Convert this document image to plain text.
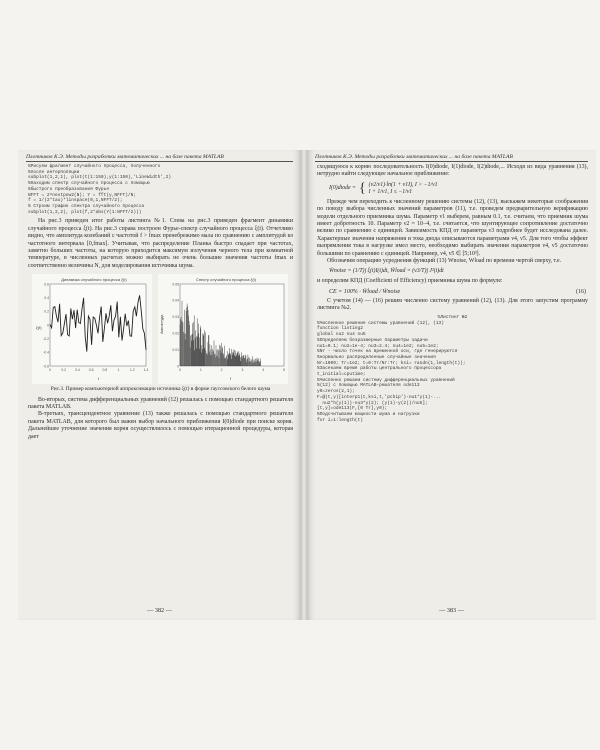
Плотников К.Э. Методы разработки математических ... на базе пакета MATLAB
%Рисуем фрагмент случайного процесса, полученного
%после интерполяции
subplot(1,2,1), plot(t(1:150),y(1:150),'LineWidth',2)
%Находим спектр случайного процесса с помощью
%быстрого преобразования Фурье
NFFT = 2^nextpow2(N); Y = fft(y,NFFT)/N;
f = 1/(2*tau)*linspace(0,1,NFFT/2);
% Строим график спектра случайного процесса
subplot(1,2,2), plot(f,2*abs(Y(1:NFFT/2)))

На рис.3 приведен итог работы листинга №1. Слева на рис.3 приведен фрагмент динамики случайного процесса ξ(t). На рис.3 справа построен Фурье-спектр случайного процесса ξ(t). Отчетливо видно, что амплитуда колебаний с частотой f > fmax пренебрежимо мала по сравнению с амплитудой из частотного интервала [0,fmax]. Учитывая, что распределение Планка быстро спадает при частотах, заметно больших частоты, на которую приходится максимум излучения черного тела при комнатной температуре, в численных расчетах можно выбирать не очень большие значения частоты fmax и соответственно величины N, для моделирования источника шума.

Динамика случайного процесса ξ(t)
0.6
0.4
0.2
0
-0.2
-0.4
-0.6
0	0.2	0.4	0.6	0.8	1	1.2	1.4
ξ(t)
t
Спектр случайного процесса ξ(t)
0.05
0.04
0.03
0.02
0.01
0
0	1	2	3	4	5
Амплитуда
f
Рис.3. Пример компьютерной аппроксимации источника ξ(t) в форме гауссовского белого шума

Во-вторых, система дифференциальных уравнений (12) решалась с помощью стандартного решателя пакета MATLAB.

В-третьих, трансцендентное уравнение (13) также решалась с помощью стандартного решателя пакета MATLAB, для которого был важен выбор начального приближения I(0)diode при поиске корня. Дальнейшее уточнение значения корня осуществлялось с помощью итерационной процедуры, которая дает

— 382 —
Плотников К.Э. Методы разработки математических ... на базе пакета MATLAB

сходящуюся к корню последовательность I(0)diode, I(1)diode, I(2)diode,... Исходя из вида уравнения (13), нетрудно найти следующее начальное приближение:

I(0)diode = { (ν2/ν1)·ln(1 + ν1I), I > −1/ν1
I + 1/ν1, I ≤ −1/ν1

Прежде чем переходить к численному решению системы (12), (13), выскажем некоторые соображения по поводу выбора численных значений параметров (11), т.е. проведем предварительную верификацию модели отдельного приемника шума. Параметр ν1 выберем, равным 0.1, т.е. считаем, что приемник шума имеет добротность 10. Параметр ν2 = 10−4, т.е. считается, что шунтирующее сопротивление достаточно велико по сравнению с единицей. Зависимость КПД от параметра ν3 подробнее будет исследована далее. Характерные значения напряжения и тока диода описываются параметрами ν4, ν5. Для того чтобы эффект выпрямления тока в нагрузке имел место, необходимо выбирать значения параметров ν4, ν5 достаточно большими по сравнению с единицей. Например, ν4, ν5 ∈ [5;10³].

Обозначим операцию усреднения функций (13) Wnoise, Wload по времени чертой сверху, т.е.

W̄noise = (1/T)∫ ξ(t)I(t)dt, W̄load = (ν3/T)∫ J²(t)dt

и определим КПД (Coefficient of Efficiency) приемника шума по формуле:

CE = 100% · W̄load / W̄noise	(16)

С учетом (14) — (16) решим численно систему уравнений (12), (13). Для этого запустим программу листинга №2.

%Листинг №2
%Численное решение системы уравнений (12), (13)
function listing2
global nu2 nu4 nu5
%Определяем безразмерные параметры задачи
nu1=0.1; nu2=1e-4; nu3=2.4; nu4=1e2; nu5=1e2;
%Nr - число точек на временной оси, где генерируются
%нормально распределенные случайные значения
Nr=1000; Tr=1e2; t=0:Tr/Nr:Tr; ksi= randn(1,length(t));
%Засекаем время работы центрального процессора
t_initial=cputime;
%Численно решаем систему дифференциальных уравнений
%(12) с помощью MATLAB-решателя ode113
y0=zeros(2,1);
F=@(t,y)[interp1(t,ksi,t,'pchip')-nu1*y(1)-...
nu2*h(y(1))-nu3*y(2); (y(1)-y(2))/nu5];
[t,y]=ode113(F,[0 Tr],y0);
%Подсчитываем мощности шума и нагрузки
for i=1:length(t)
— 383 —
